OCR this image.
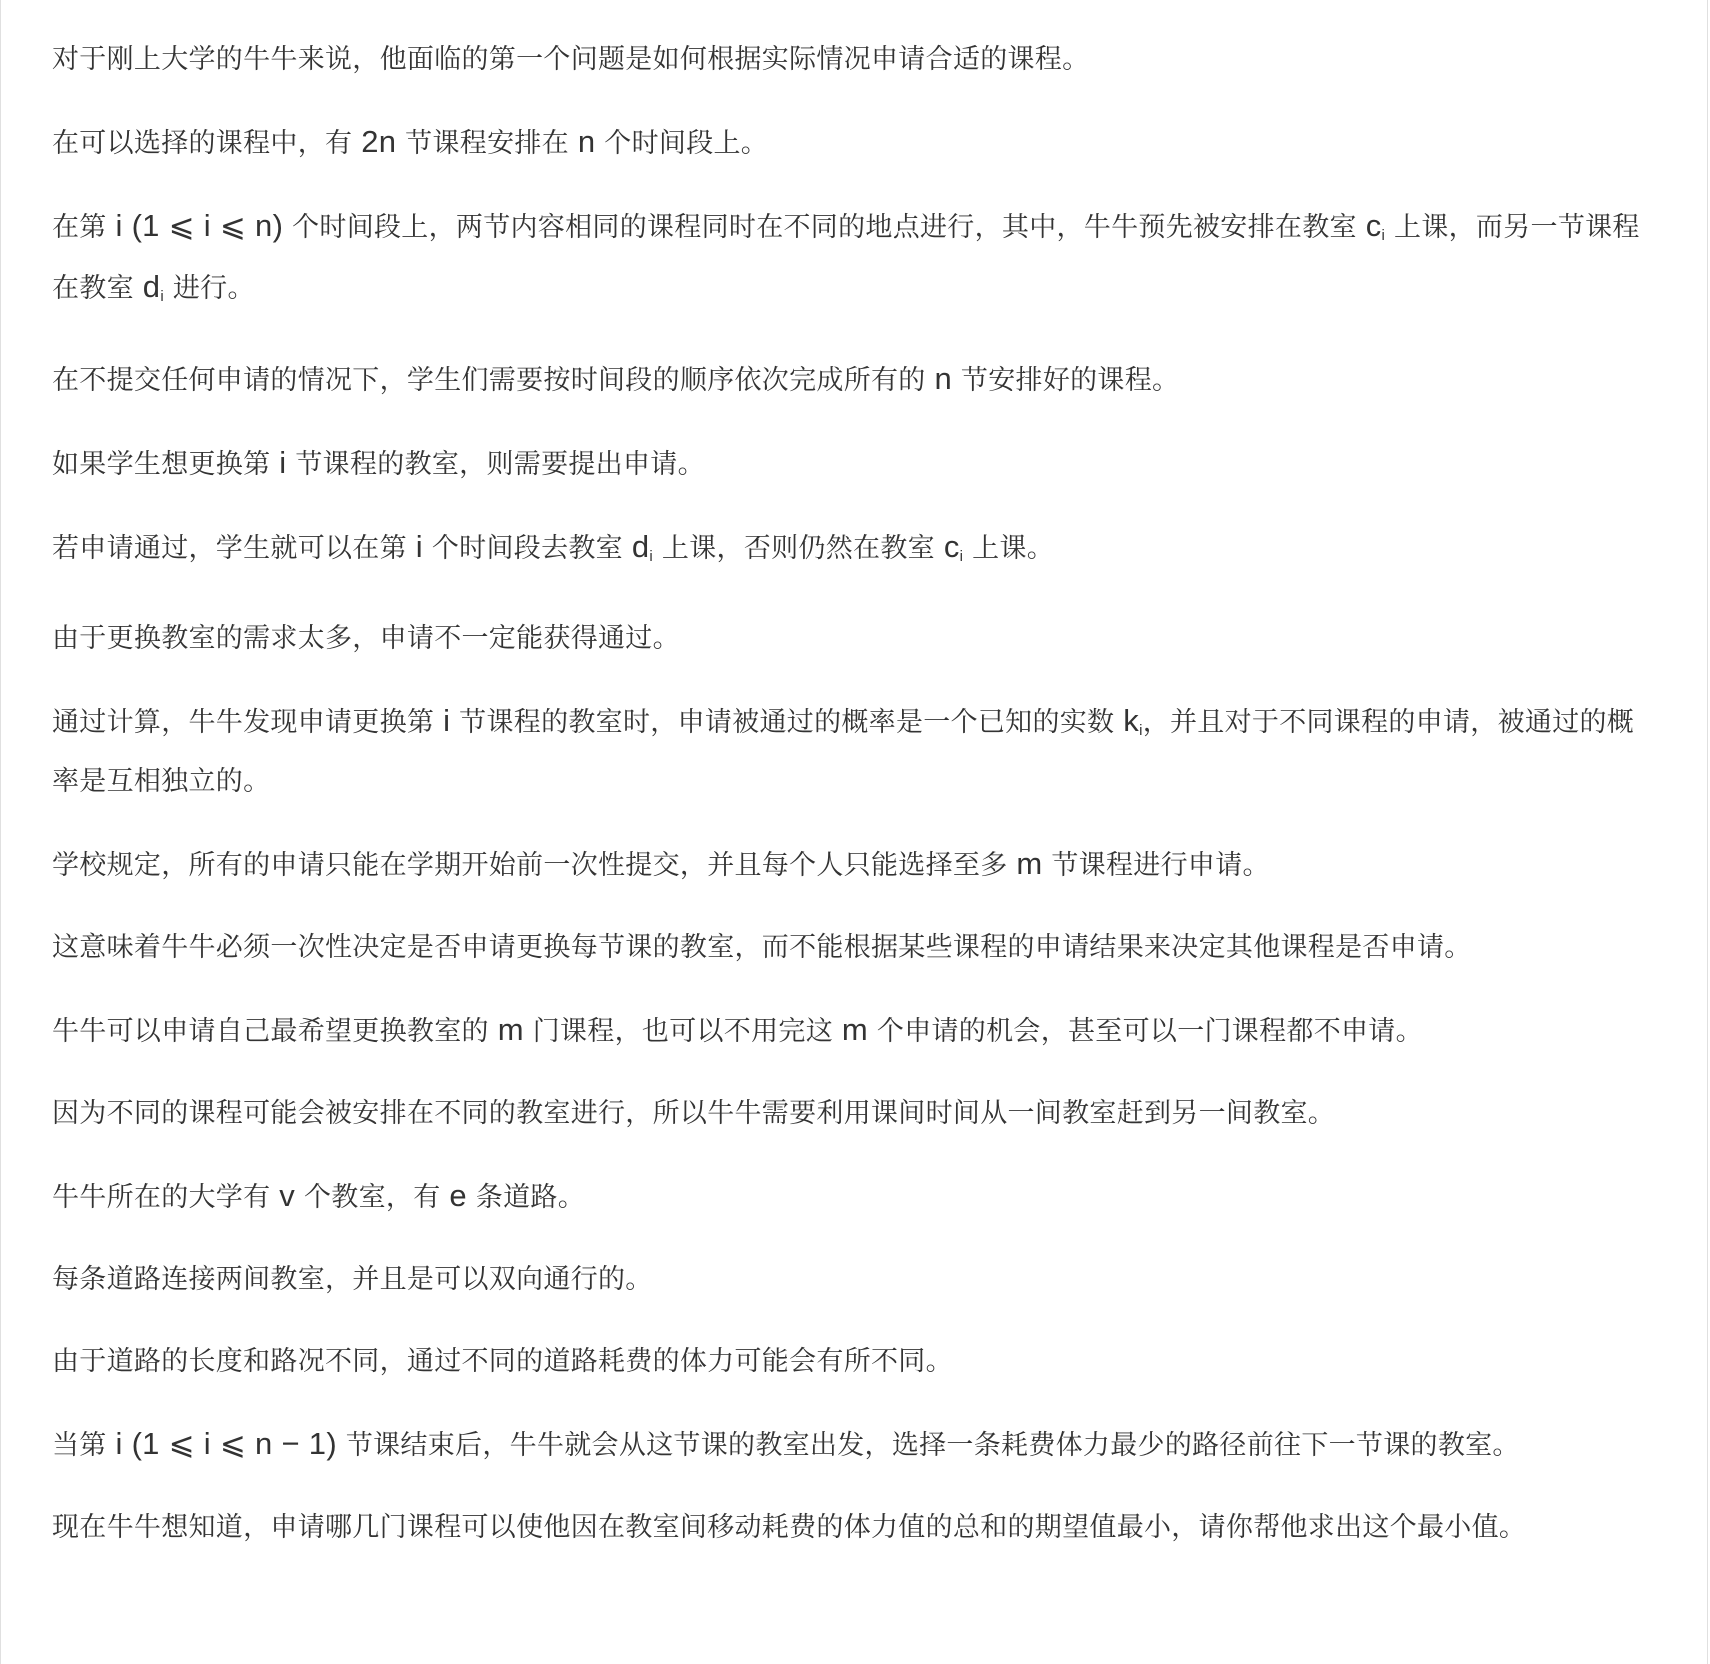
对于刚上大学的牛牛来说，他面临的第一个问题是如何根据实际情况申请合适的课程。

在可以选择的课程中，有 2n 节课程安排在 n 个时间段上。

在第 i (1 ⩽ i ⩽ n) 个时间段上，两节内容相同的课程同时在不同的地点进行，其中，牛牛预先被安排在教室 $c_i$ 上课，而另一节课程在教室 $d_i$ 进行。

在不提交任何申请的情况下，学生们需要按时间段的顺序依次完成所有的 n 节安排好的课程。

如果学生想更换第 i 节课程的教室，则需要提出申请。

若申请通过，学生就可以在第 i 个时间段去教室 $d_i$ 上课，否则仍然在教室 $c_i$ 上课。

由于更换教室的需求太多，申请不一定能获得通过。

通过计算，牛牛发现申请更换第 i 节课程的教室时，申请被通过的概率是一个已知的实数 $k_i$，并且对于不同课程的申请，被通过的概率是互相独立的。

学校规定，所有的申请只能在学期开始前一次性提交，并且每个人只能选择至多 m 节课程进行申请。

这意味着牛牛必须一次性决定是否申请更换每节课的教室，而不能根据某些课程的申请结果来决定其他课程是否申请。

牛牛可以申请自己最希望更换教室的 m 门课程，也可以不用完这 m 个申请的机会，甚至可以一门课程都不申请。

因为不同的课程可能会被安排在不同的教室进行，所以牛牛需要利用课间时间从一间教室赶到另一间教室。

牛牛所在的大学有 v 个教室，有 e 条道路。

每条道路连接两间教室，并且是可以双向通行的。

由于道路的长度和路况不同，通过不同的道路耗费的体力可能会有所不同。

当第 i (1 ⩽ i ⩽ n − 1) 节课结束后，牛牛就会从这节课的教室出发，选择一条耗费体力最少的路径前往下一节课的教室。

现在牛牛想知道，申请哪几门课程可以使他因在教室间移动耗费的体力值的总和的期望值最小，请你帮他求出这个最小值。
